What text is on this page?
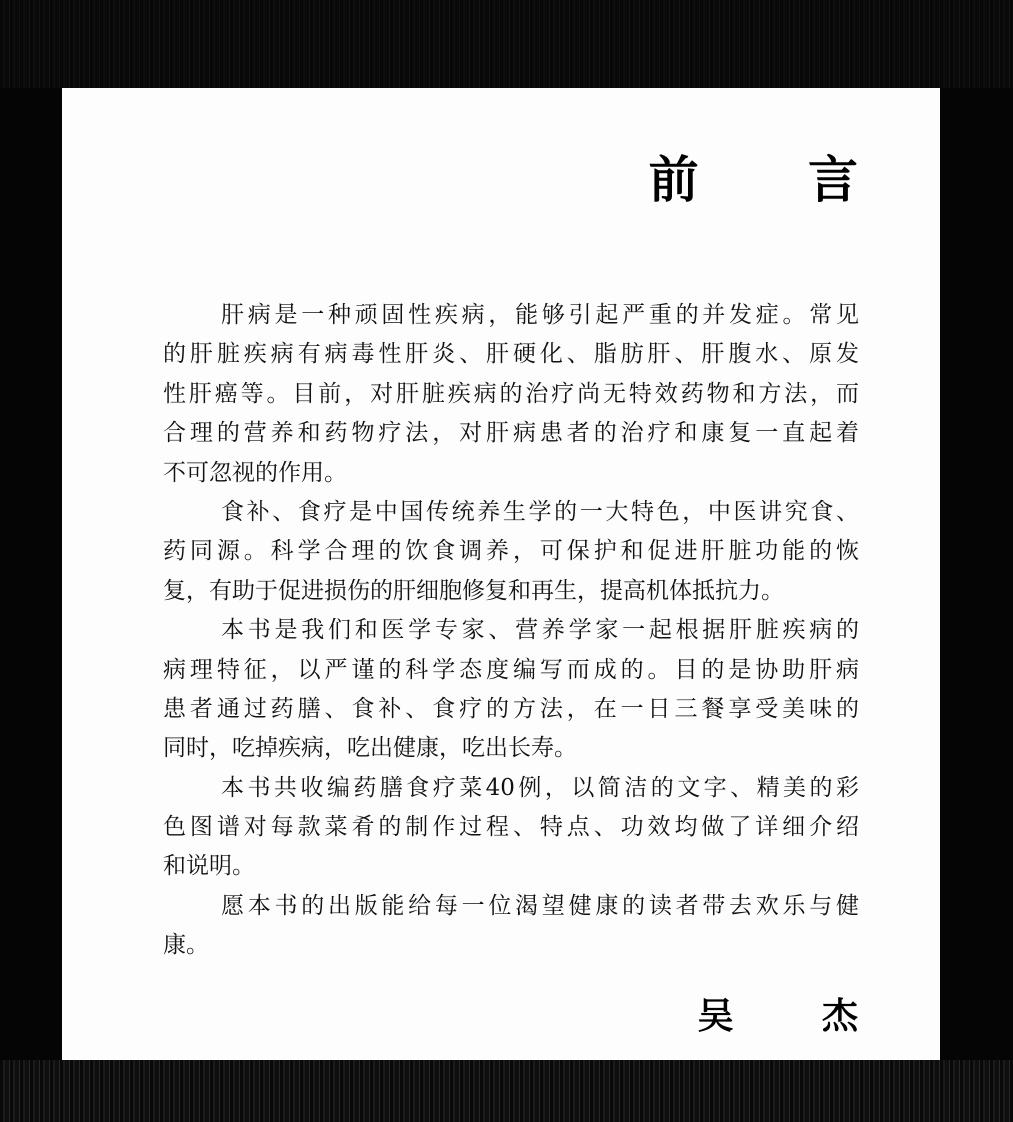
前 言
肝病是一种顽固性疾病，能够引起严重的并发症。常见
的肝脏疾病有病毒性肝炎、肝硬化、脂肪肝、肝腹水、原发
性肝癌等。目前，对肝脏疾病的治疗尚无特效药物和方法，而
合理的营养和药物疗法，对肝病患者的治疗和康复一直起着
不可忽视的作用。
食补、食疗是中国传统养生学的一大特色，中医讲究食、
药同源。科学合理的饮食调养，可保护和促进肝脏功能的恢
复，有助于促进损伤的肝细胞修复和再生，提高机体抵抗力。
本书是我们和医学专家、营养学家一起根据肝脏疾病的
病理特征，以严谨的科学态度编写而成的。目的是协助肝病
患者通过药膳、食补、食疗的方法，在一日三餐享受美味的
同时，吃掉疾病，吃出健康，吃出长寿。
本书共收编药膳食疗菜40例，以简洁的文字、精美的彩
色图谱对每款菜肴的制作过程、特点、功效均做了详细介绍
和说明。
愿本书的出版能给每一位渴望健康的读者带去欢乐与健
康。
吴 杰
